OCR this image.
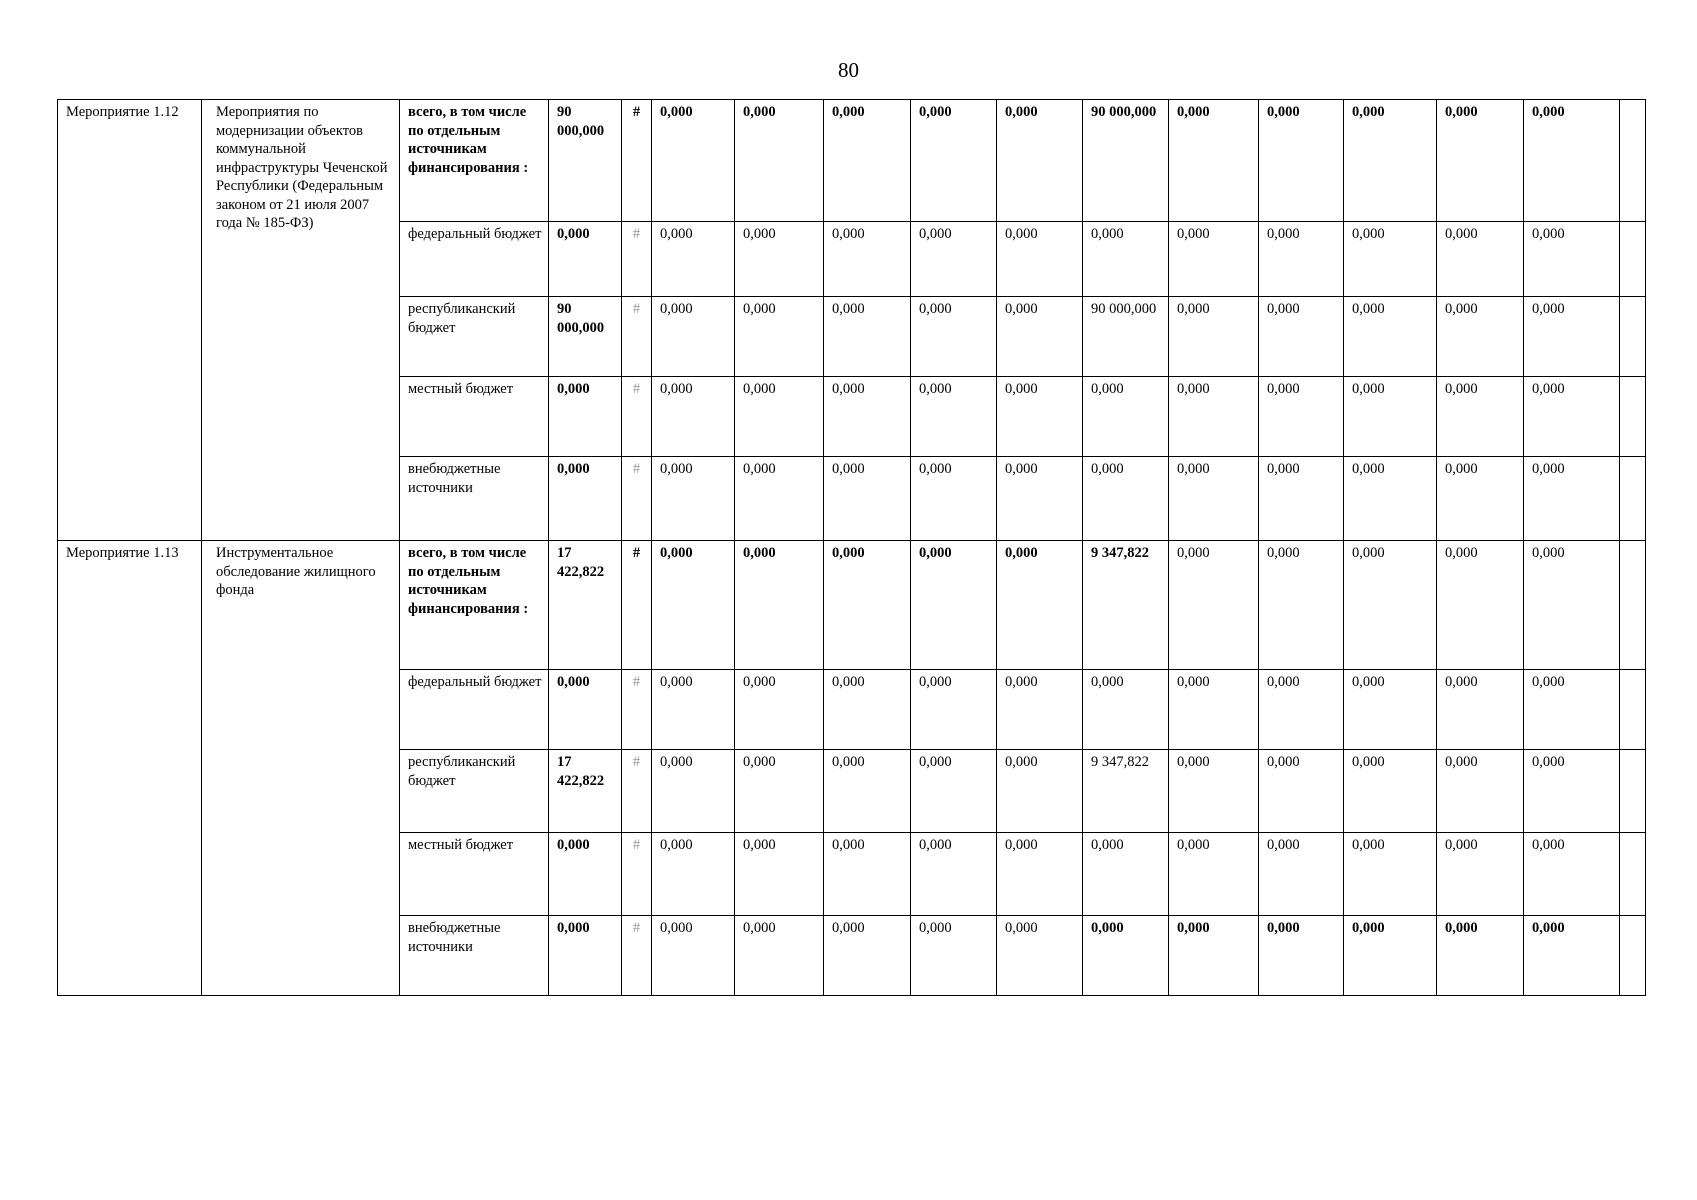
80
Мероприятие 1.12	Мероприятия по модернизации объектов коммунальной инфраструктуры Чеченской Республики (Федеральным законом от 21 июля 2007 года № 185-ФЗ)	всего, в том числе по отдельным источникам финансирования :	90 000,000	#	0,000	0,000	0,000	0,000	0,000	90 000,000	0,000	0,000	0,000	0,000	0,000	
		федеральный бюджет	0,000	#	0,000	0,000	0,000	0,000	0,000	0,000	0,000	0,000	0,000	0,000	0,000	
		республиканский бюджет	90 000,000	#	0,000	0,000	0,000	0,000	0,000	90 000,000	0,000	0,000	0,000	0,000	0,000	
		местный бюджет	0,000	#	0,000	0,000	0,000	0,000	0,000	0,000	0,000	0,000	0,000	0,000	0,000	
		внебюджетные источники	0,000	#	0,000	0,000	0,000	0,000	0,000	0,000	0,000	0,000	0,000	0,000	0,000	
Мероприятие 1.13	Инструментальное обследование жилищного фонда	всего, в том числе по отдельным источникам финансирования :	17 422,822	#	0,000	0,000	0,000	0,000	0,000	9 347,822	0,000	0,000	0,000	0,000	0,000	
		федеральный бюджет	0,000	#	0,000	0,000	0,000	0,000	0,000	0,000	0,000	0,000	0,000	0,000	0,000	
		республиканский бюджет	17 422,822	#	0,000	0,000	0,000	0,000	0,000	9 347,822	0,000	0,000	0,000	0,000	0,000	
		местный бюджет	0,000	#	0,000	0,000	0,000	0,000	0,000	0,000	0,000	0,000	0,000	0,000	0,000	
		внебюджетные источники	0,000	#	0,000	0,000	0,000	0,000	0,000	0,000	0,000	0,000	0,000	0,000	0,000	
